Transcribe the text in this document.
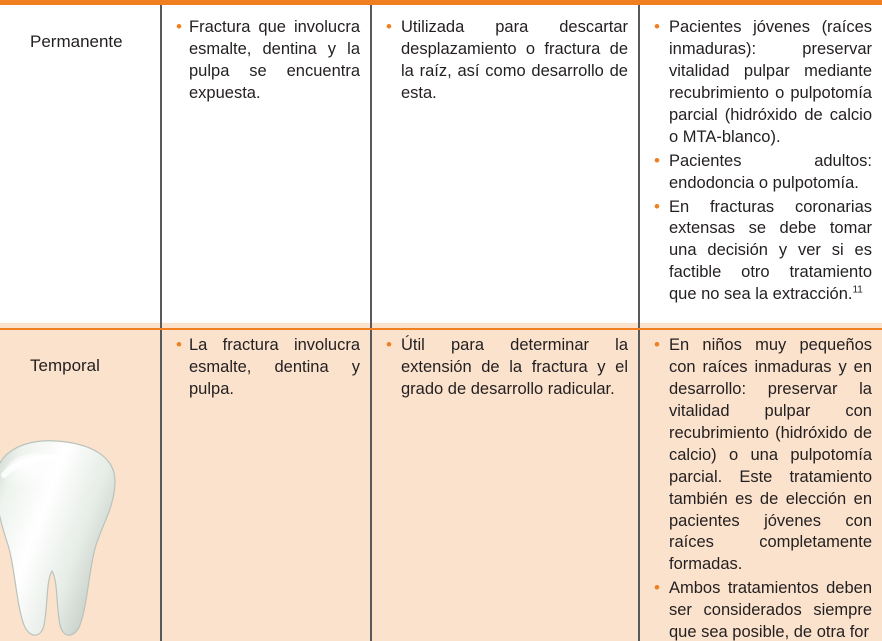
Permanente
• Fractura que involucra esmalte, dentina y la pulpa se encuentra expuesta.
• Utilizada para descartar desplazamiento o fractura de la raíz, así como desarrollo de esta.
• Pacientes jóvenes (raíces inmaduras): preservar vitalidad pulpar mediante recubrimiento o pulpotomía parcial (hidróxido de calcio o MTA-blanco).
• Pacientes adultos: endodoncia o pulpotomía.
• En fracturas coronarias extensas se debe tomar una decisión y ver si es factible otro tratamiento que no sea la extracción.$^{11}$
Temporal
• La fractura involucra esmalte, dentina y pulpa.
• Útil para determinar la extensión de la fractura y el grado de desarrollo radicular.
• En niños muy pequeños con raíces inmaduras y en desarrollo: preservar la vitalidad pulpar con recubrimiento (hidróxido de calcio) o una pulpotomía parcial. Este tratamiento también es de elección en pacientes jóvenes con raíces completamente formadas.
• Ambos tratamientos deben ser considerados siempre que sea posible, de otra for
